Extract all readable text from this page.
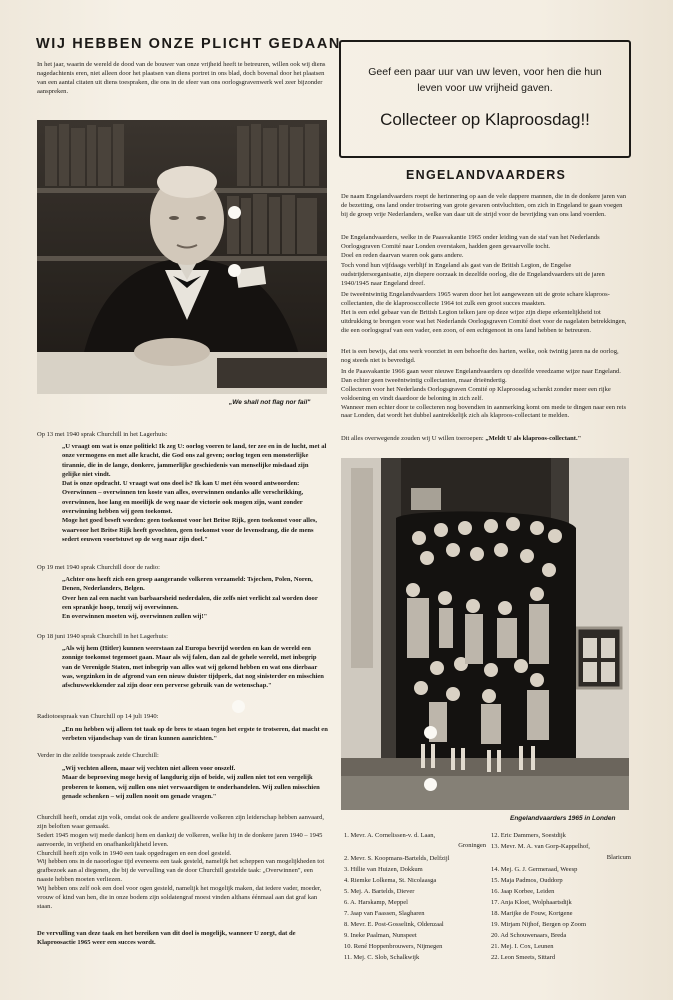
WIJ HEBBEN ONZE PLICHT GEDAAN

In het jaar, waarin de wereld de dood van de bouwer van onze vrijheid heeft te betreuren, willen ook wij diens nagedachtenis eren, niet alleen door het plaatsen van diens portret in ons blad, doch bovenal door het plaatsen van een aantal citaten uit diens toespraken, die ons in de sfeer van ons oorlogsgravenwerk wel zeer bijzonder aanspreken.

„We shall not flag nor fail"

Op 13 mei 1940 sprak Churchill in het Lagerhuis:

„U vraagt om wat is onze politiek! Ik zeg U: oorlog voeren te land, ter zee en in de lucht, met al onze vermogens en met alle kracht, die God ons zal geven; oorlog tegen een monsterlijke tirannie, die in de lange, donkere, jammerlijke geschiedenis van menselijke misdaad zijn gelijke niet vindt.
Dat is onze opdracht. U vraagt wat ons doel is? Ik kan U met één woord antwoorden: Overwinnen – overwinnen ten koste van alles, overwinnen ondanks alle verschrikking, overwinnen, hoe lang en moeilijk de weg naar de victorie ook mogen zijn, want zonder overwinning hebben wij geen toekomst.
Moge het goed beseft worden: geen toekomst voor het Britse Rijk, geen toekomst voor alles, waarvoor het Britse Rijk heeft gevochten, geen toekomst voor de levensdrang, die de mens sedert eeuwen voortstuwt op de weg naar zijn doel."

Op 19 mei 1940 sprak Churchill door de radio:

„Achter ons heeft zich een groep aangerande volkeren verzameld: Tsjechen, Polen, Noren, Denen, Nederlanders, Belgen.
Over hen zal een nacht van barbaarsheid nederdalen, die zelfs niet verlicht zal worden door een sprankje hoop, tenzij wij overwinnen.
En overwinnen moeten wij, overwinnen zullen wij!"

Op 18 juni 1940 sprak Churchill in het Lagerhuis:

„Als wij hem (Hitler) kunnen weerstaan zal Europa bevrijd worden en kan de wereld een zonnige toekomst tegemoet gaan. Maar als wij falen, dan zal de gehele wereld, met inbegrip van de Verenigde Staten, met inbegrip van alles wat wij gekend hebben en wat ons dierbaar was, wegzinken in de afgrond van een nieuw duister tijdperk, dat nog sinisterder en misschien afschuwwekkender zal zijn door een perverse gebruik van de wetenschap."

Radiotoespraak van Churchill op 14 juli 1940:

„En nu hebben wij alleen tot taak op de bres te staan tegen het ergste te trotseren, dat macht en verbeten vijandschap van de tiran kunnen aanrichten."

Verder in die zelfde toespraak zeide Churchill:

„Wij vechten alleen, maar wij vechten niet alleen voor onszelf.
Maar de beproeving moge hevig of langdurig zijn of beide, wij zullen niet tot een vergelijk proberen te komen, wij zullen ons niet verwaardigen te onderhandelen. Wij zullen misschien genade schenken – wij zullen nooit om genade vragen."

Churchill heeft, omdat zijn volk, omdat ook de andere geallieerde volkeren zijn leiderschap hebben aanvaard, zijn beloften waar gemaakt.
Sedert 1945 mogen wij mede dankzij hem en dankzij de volkeren, welke hij in de donkere jaren 1940 – 1945 aanvoerde, in vrijheid en onafhankelijkheid leven.
Churchill heeft zijn volk in 1940 een taak opgedragen en een doel gesteld.
Wij hebben ons in de naoorlogse tijd eveneens een taak gesteld, namelijk het scheppen van mogelijkheden tot grafbezoek aan al diegenen, die bij de vervulling van de door Churchill gestelde taak: „Overwinnen", een naaste hebben moeten verliezen.
Wij hebben ons zelf ook een doel voor ogen gesteld, namelijk het mogelijk maken, dat iedere vader, moeder, vrouw of kind van hen, die in onze bodem zijn soldatengraf moest vinden althans éénmaal aan dat graf kan staan.

De vervulling van deze taak en het bereiken van dit doel is mogelijk, wanneer U zorgt, dat de Klaproosactie 1965 weer een succes wordt.

Geef een paar uur van uw leven, voor hen die hun
leven voor uw vrijheid gaven.
Collecteer op Klaproosdag!!
ENGELANDVAARDERS

De naam Engelandvaarders roept de herinnering op aan de vele dappere mannen, die in de donkere jaren van de bezetting, ons land onder trotsering van grote gevaren ontvluchtten, om zich in Engeland te gaan voegen bij de groep vrije Nederlanders, welke van daar uit de strijd voor de bevrijding van ons land voerden.

De Engelandvaarders, welke in de Paasvakantie 1965 onder leiding van de staf van het Nederlands Oorlogsgraven Comité naar Londen overstaken, hadden geen gevaarvolle tocht.
Doel en reden daarvan waren ook gans andere.

Toch vond hun vijfdaags verblijf in Engeland als gast van de British Legion, de Engelse oudstrijdersorganisatie, zijn diepere oorzaak in dezelfde oorlog, die de Engelandvaarders uit de jaren 1940/1945 naar Engeland dreef.

De tweeëntwintig Engelandvaarders 1965 waren door het lot aangewezen uit de grote schare klaproos-collectanten, die de klaproosccollecte 1964 tot zulk een groot succes maakten.
Het is een edel gebaar van de British Legion telken jare op deze wijze zijn diepe erkentelijkheid tot uitdrukking te brengen voor wat het Nederlands Oorlogsgraven Comité doet voor de nagelaten betrekkingen, die een oorlogsgraf van een vader, een zoon, of een echtgenoot in ons land hebben te betreuren.

Het is een bewijs, dat ons werk voorziet in een behoefte des harten, welke, ook twintig jaren na de oorlog, nog steeds niet is bevredigd.

In de Paasvakantie 1966 gaan weer nieuwe Engelandvaarders op dezelfde vreedzame wijze naar Engeland. Dan echter geen tweeëntwintig collectanten, maar drieëndertig.
Collecteren voor het Nederlands Oorlogsgraven Comité op Klaproosdag schenkt zonder meer een rijke voldoening en vindt daardoor de beloning in zich zelf.
Wanneer men echter door te collecteren nog bovendien in aanmerking komt om mede te dingen naar een reis naar Londen, dat wordt het dubbel aantrekkelijk zich als klaproos-collectant te melden.

Dit alles overwegende zouden wij U willen toeroepen: „Meldt U als klaproos-collectant."

Engelandvaarders 1965 in Londen
1. Mevr. A. Cornelissen-v. d. Laan,
Groningen
2. Mevr. S. Koopmans-Bartelds, Delfzijl
3. Hillie van Huizen, Dokkum
4. Riemke Lolkema, St. Nicolaasga
5. Mej. A. Bartelds, Diever
6. A. Harskamp, Meppel
7. Jaap van Faassen, Slagharen
8. Mevr. E. Post-Gosselink, Oldenzaal
9. Ineke Paalman, Nunspeet
10. René Hoppenbrouwers, Nijmegen
11. Mej. C. Slob, Schalkwijk
12. Eric Dammers, Soestdijk
13. Mevr. M. A. van Gorp-Kappelhof,
Blaricum
14. Mej. G. J. Germeraad, Weesp
15. Maja Padmos, Ouddorp
16. Jaap Korbee, Leiden
17. Anja Kloet, Wolphaartsdijk
18. Marijke de Fouw, Kortgene
19. Mirjam Nijhof, Bergen op Zoom
20. Ad Schouwenaars, Breda
21. Mej. I. Cox, Leunen
22. Leon Smeets, Sittard
